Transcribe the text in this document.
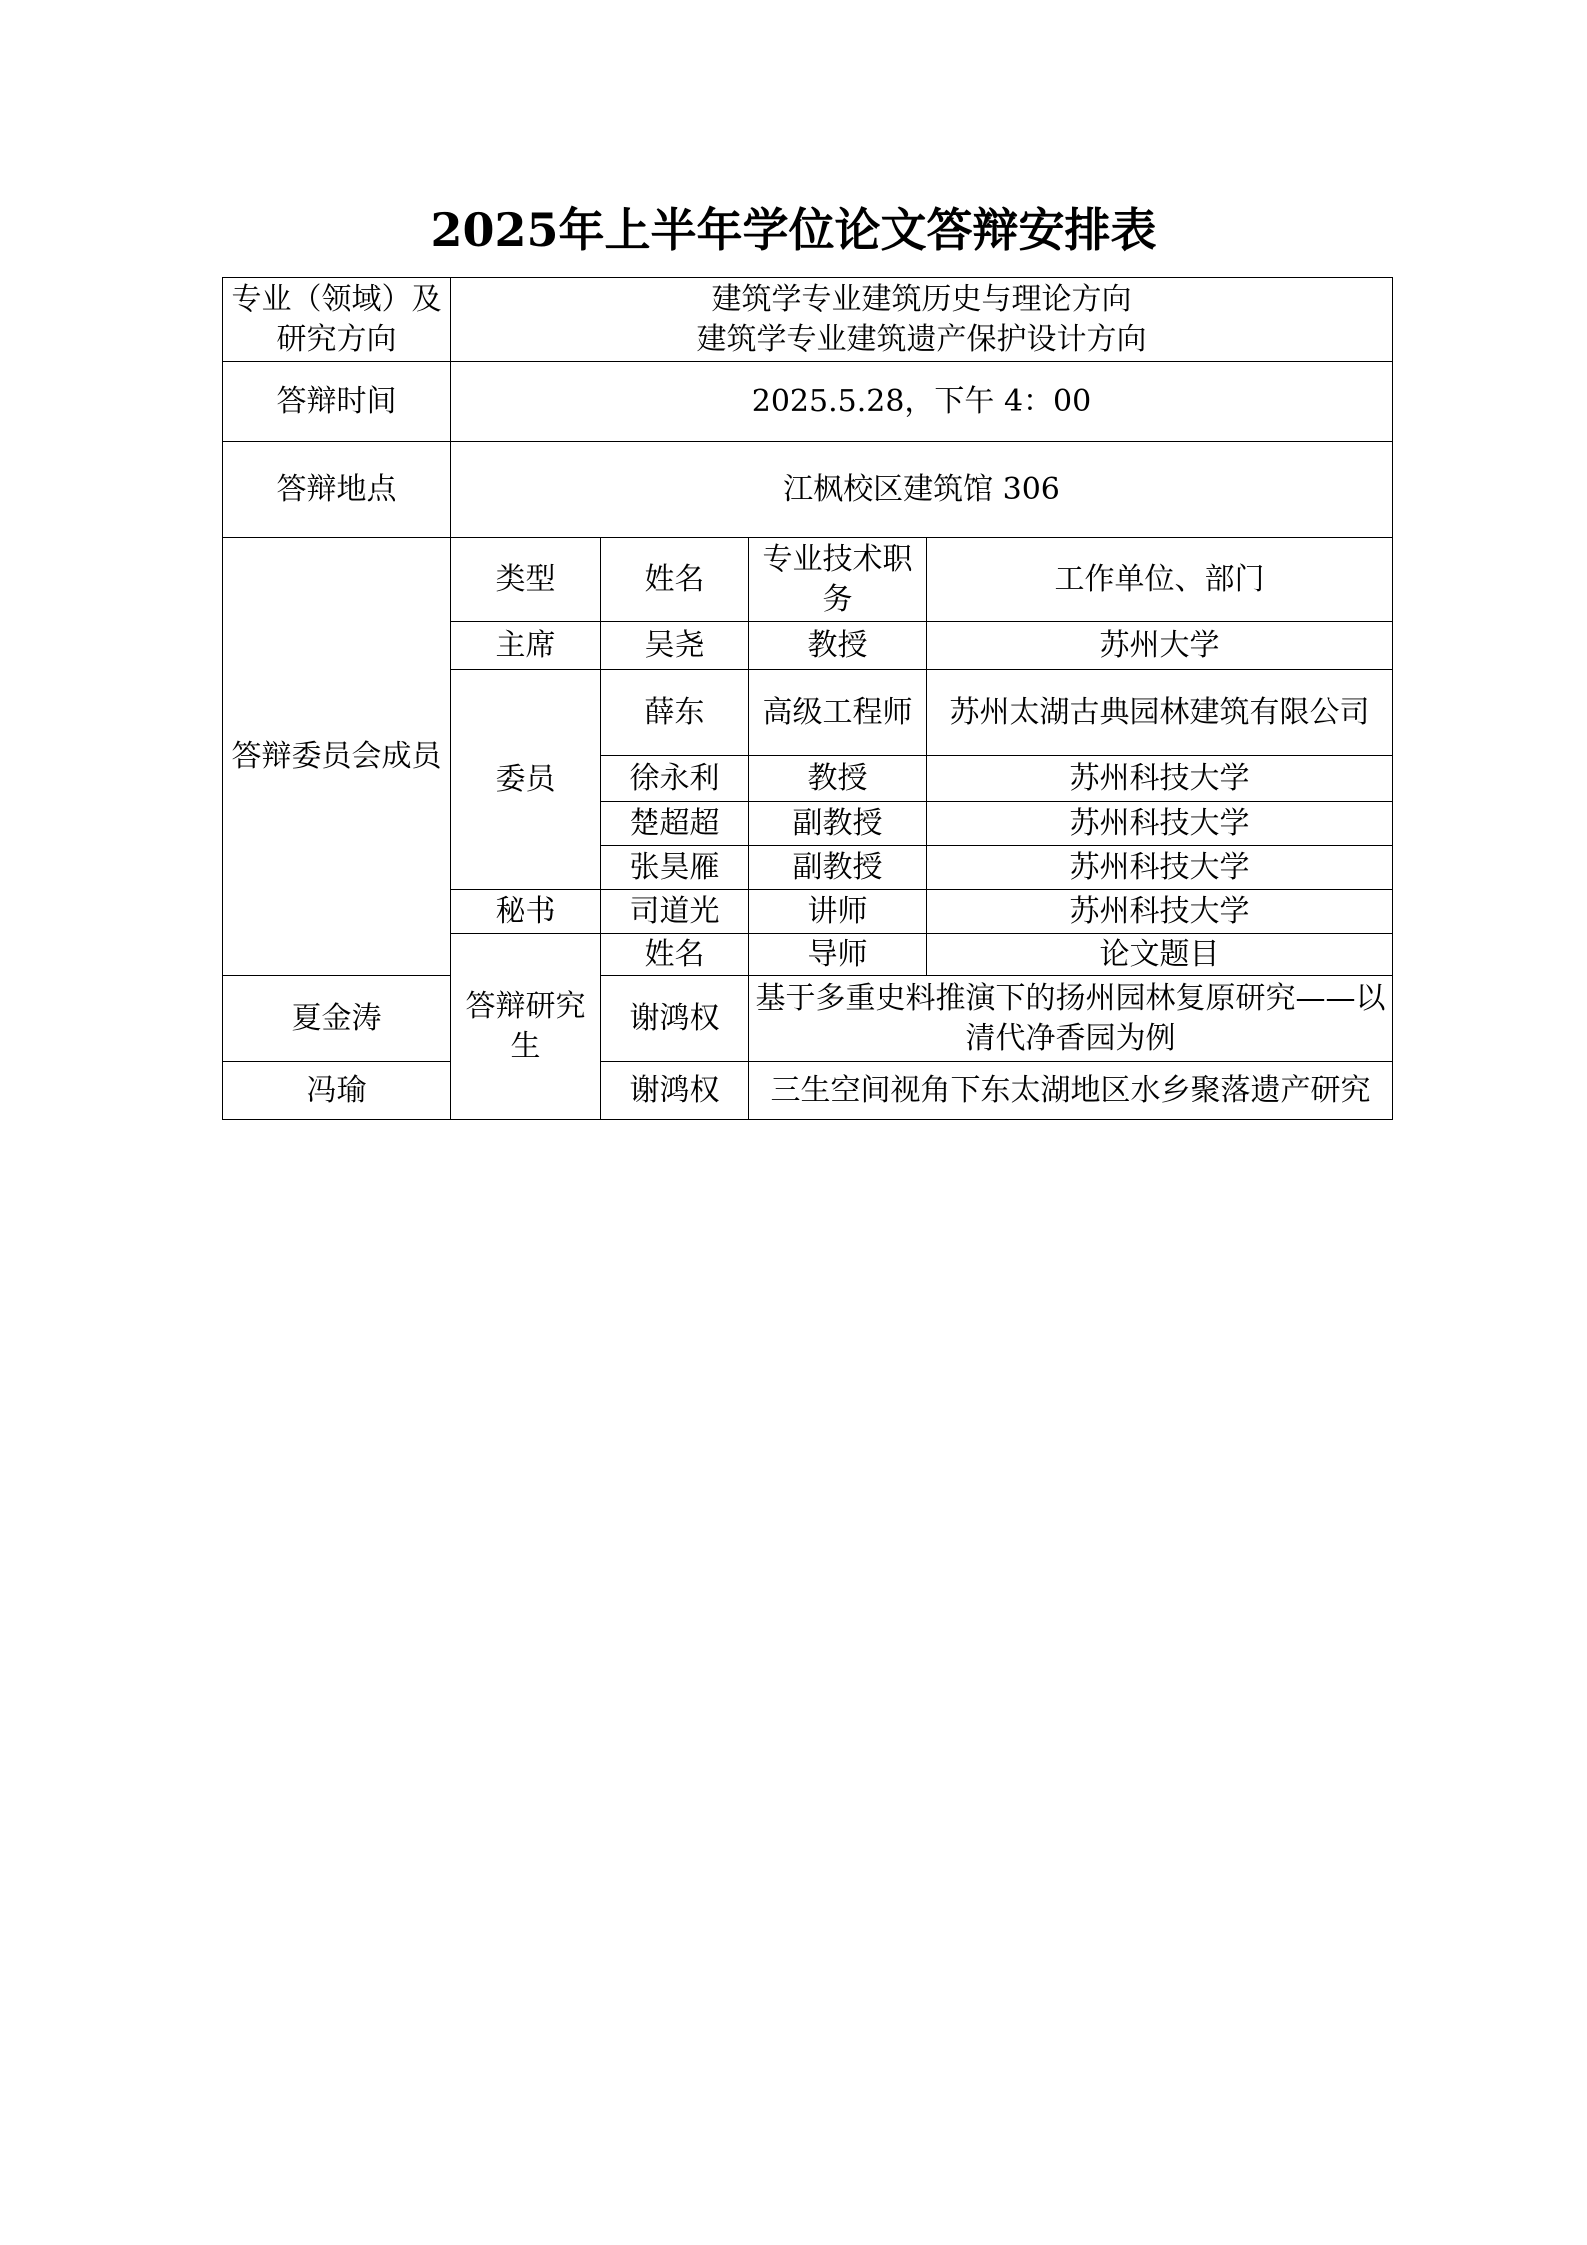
2025年上半年学位论文答辩安排表
专业（领域）及研究方向	建筑学专业建筑历史与理论方向
建筑学专业建筑遗产保护设计方向			

答辩时间	2025.5.28，下午 4：00			
答辩地点	江枫校区建筑馆 306			
答辩委员会成员	类型	姓名	专业技术职务	工作单位、部门
	主席	吴尧	教授	苏州大学
	委员	薛东	高级工程师	苏州太湖古典园林建筑有限公司
		徐永利	教授	苏州科技大学
		楚超超	副教授	苏州科技大学
		张昊雁	副教授	苏州科技大学
	秘书	司道光	讲师	苏州科技大学
	答辩研究生	姓名	导师	论文题目
夏金涛		谢鸿权	基于多重史料推演下的扬州园林复原研究——以清代净香园为例	
冯瑜		谢鸿权	三生空间视角下东太湖地区水乡聚落遗产研究	
